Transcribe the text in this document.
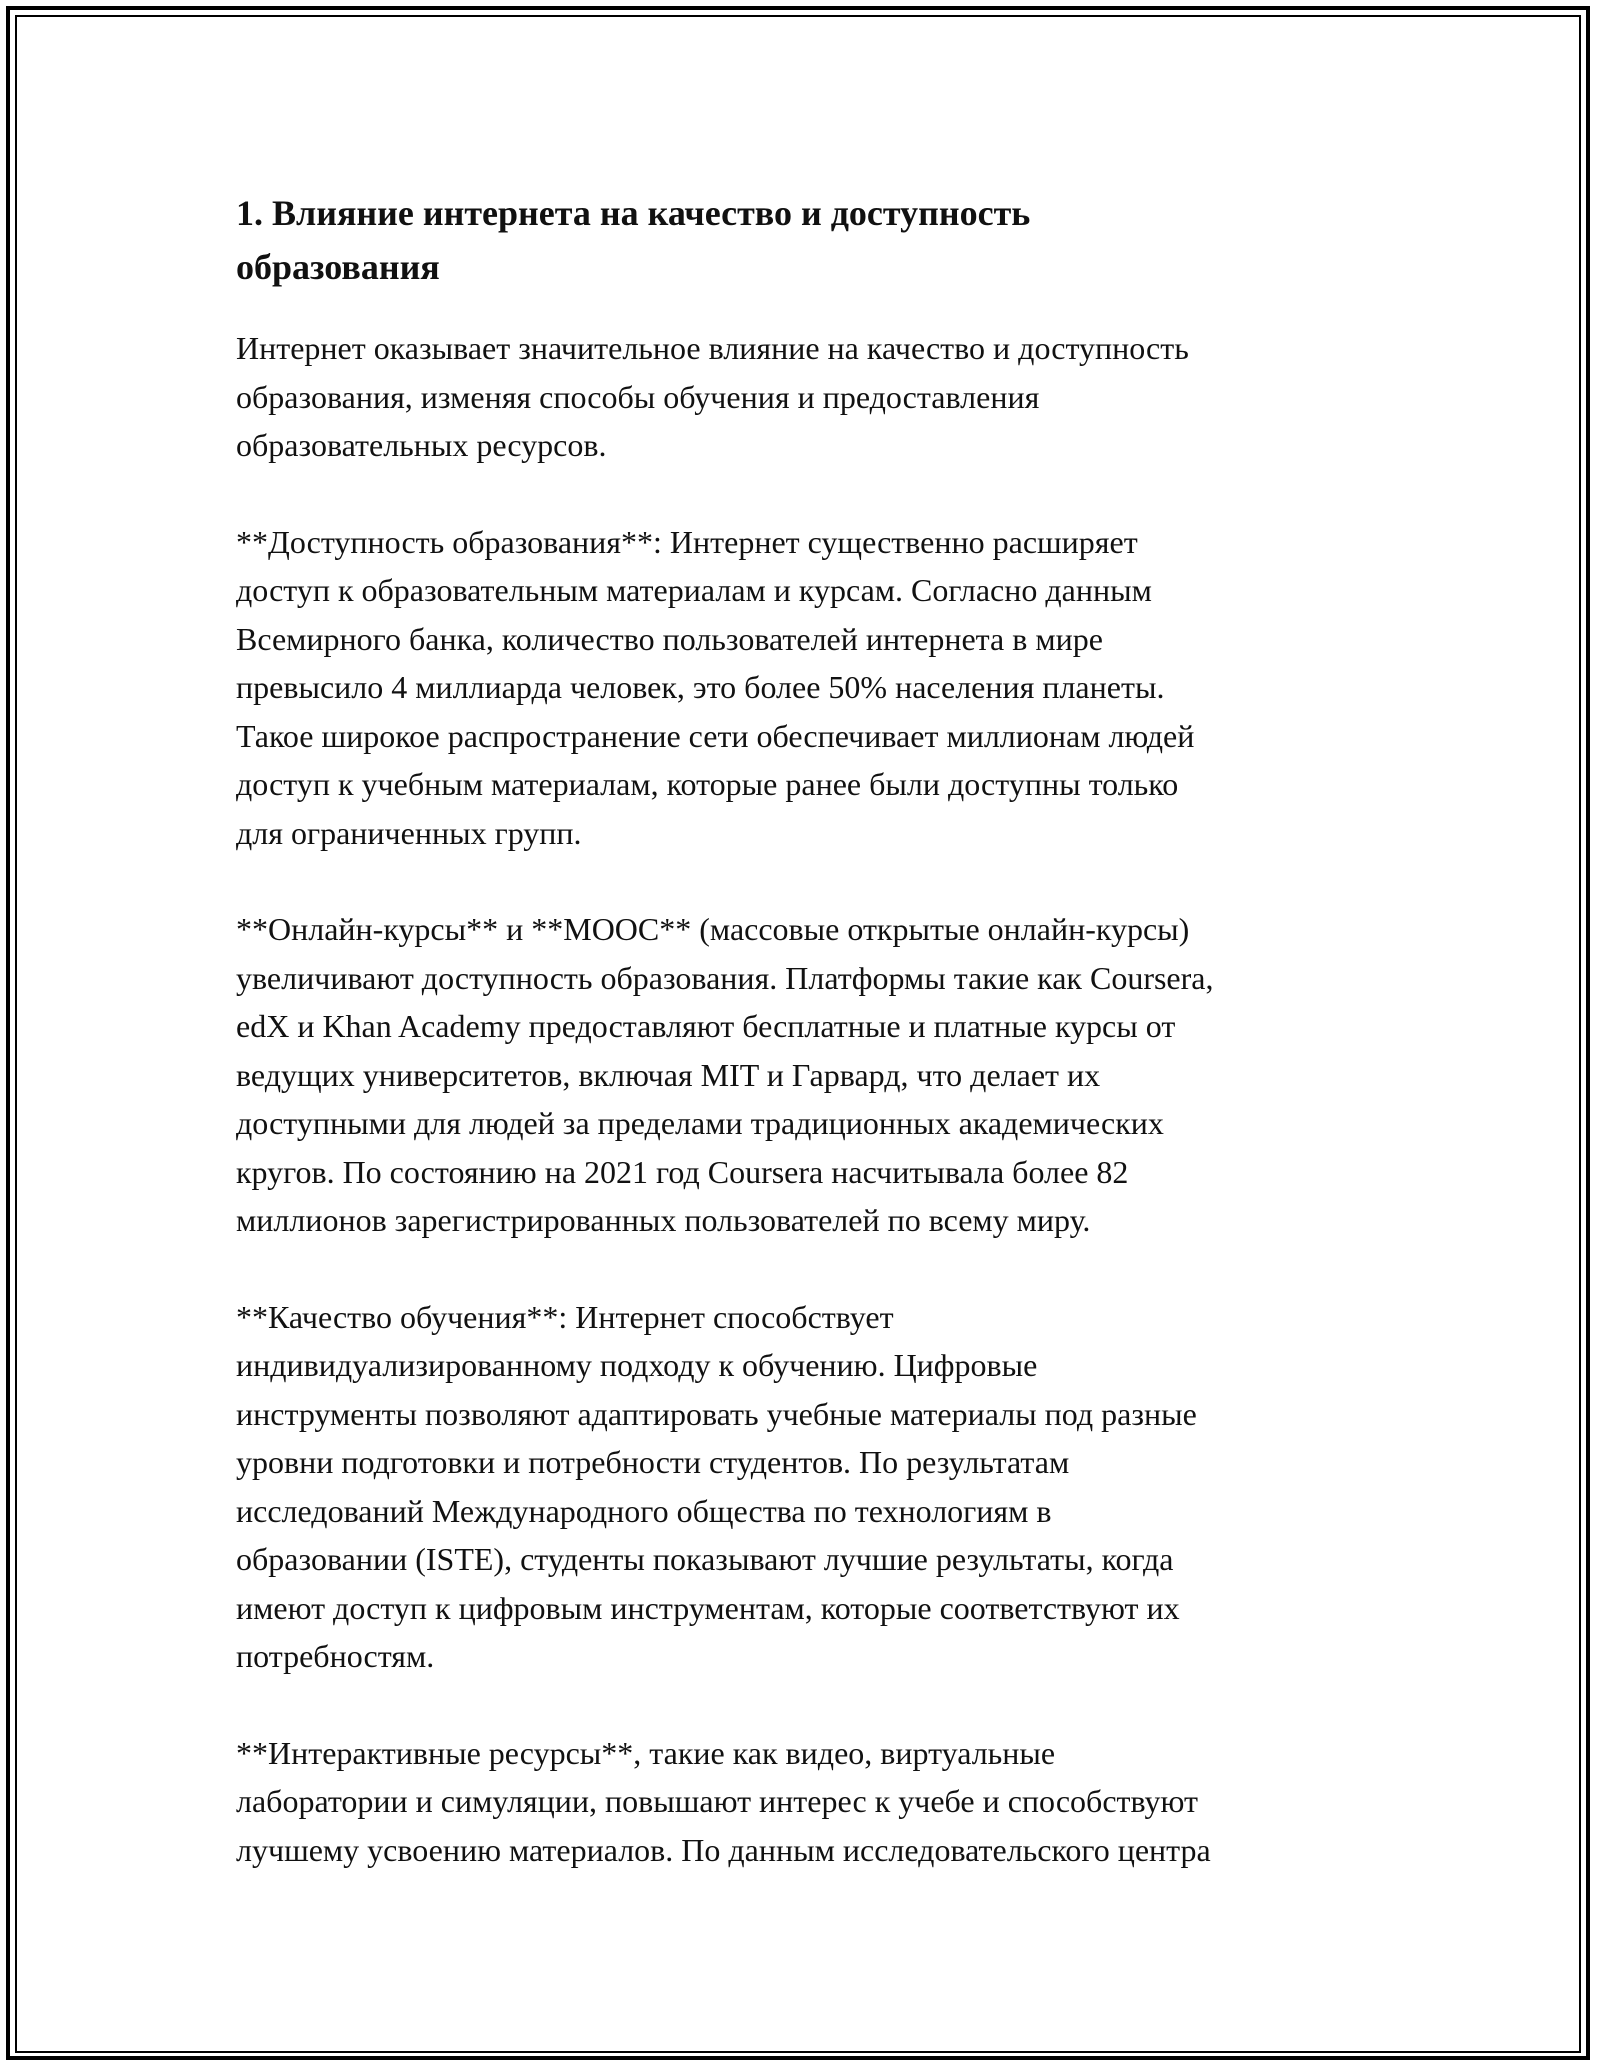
1. Влияние интернета на качество и доступность
образования

Интернет оказывает значительное влияние на качество и доступность
образования, изменяя способы обучения и предоставления
образовательных ресурсов.

**Доступность образования**: Интернет существенно расширяет
доступ к образовательным материалам и курсам. Согласно данным
Всемирного банка, количество пользователей интернета в мире
превысило 4 миллиарда человек, это более 50% населения планеты.
Такое широкое распространение сети обеспечивает миллионам людей
доступ к учебным материалам, которые ранее были доступны только
для ограниченных групп.

**Онлайн-курсы** и **MOOC** (массовые открытые онлайн-курсы)
увеличивают доступность образования. Платформы такие как Coursera,
edX и Khan Academy предоставляют бесплатные и платные курсы от
ведущих университетов, включая MIT и Гарвард, что делает их
доступными для людей за пределами традиционных академических
кругов. По состоянию на 2021 год Coursera насчитывала более 82
миллионов зарегистрированных пользователей по всему миру.

**Качество обучения**: Интернет способствует
индивидуализированному подходу к обучению. Цифровые
инструменты позволяют адаптировать учебные материалы под разные
уровни подготовки и потребности студентов. По результатам
исследований Международного общества по технологиям в
образовании (ISTE), студенты показывают лучшие результаты, когда
имеют доступ к цифровым инструментам, которые соответствуют их
потребностям.

**Интерактивные ресурсы**, такие как видео, виртуальные
лаборатории и симуляции, повышают интерес к учебе и способствуют
лучшему усвоению материалов. По данным исследовательского центра
